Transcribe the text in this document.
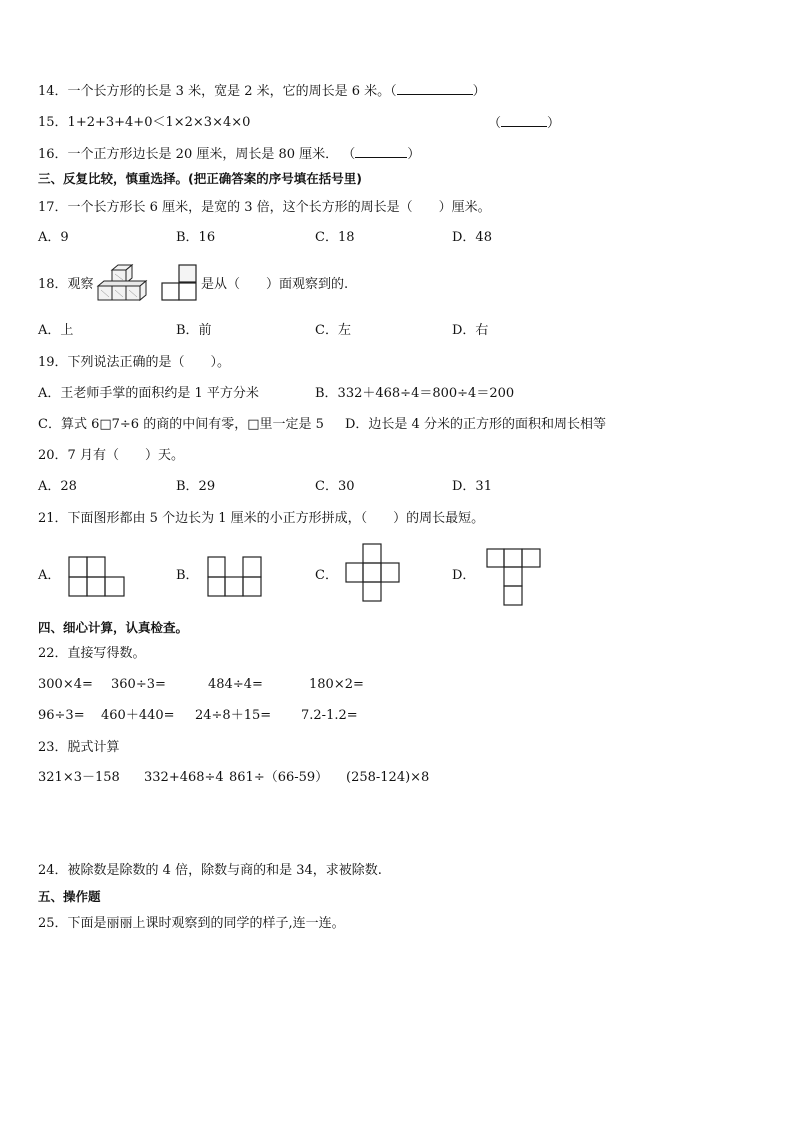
14．一个长方形的长是 3 米，宽是 2 米，它的周长是 6 米。（	）
15．1+2+3+4+0＜1×2×3×4×0	（	）
16．一个正方形边长是 20 厘米，周长是 80 厘米． （	）
三、反复比较，慎重选择。(把正确答案的序号填在括号里)
17．一个长方形长 6 厘米，是宽的 3 倍，这个长方形的周长是（　　）厘米。
A．9	B．16	C．18	D．48
18．观察	是从（　　）面观察到的.
A．上	B．前	C．左	D．右
19．下列说法正确的是（　　）。
A．王老师手掌的面积约是 1 平方分米	B．332＋468÷4＝800÷4＝200
C．算式 6□7÷6 的商的中间有零，□里一定是 5 D．边长是 4 分米的正方形的面积和周长相等
20．7 月有（　　）天。
A．28	B．29	C．30	D．31
21．下面图形都由 5 个边长为 1 厘米的小正方形拼成，（　　）的周长最短。
A．	B．	C．	D．
四、细心计算，认真检查。
22．直接写得数。
300×4= 360÷3=	484÷4=	180×2=
96÷3= 460＋440= 24÷8＋15= 7.2-1.2=
23．脱式计算
321×3－158 332+468÷4 861÷（66-59） (258-124)×8
24．被除数是除数的 4 倍，除数与商的和是 34，求被除数.
五、操作题
25．下面是丽丽上课时观察到的同学的样子,连一连。
